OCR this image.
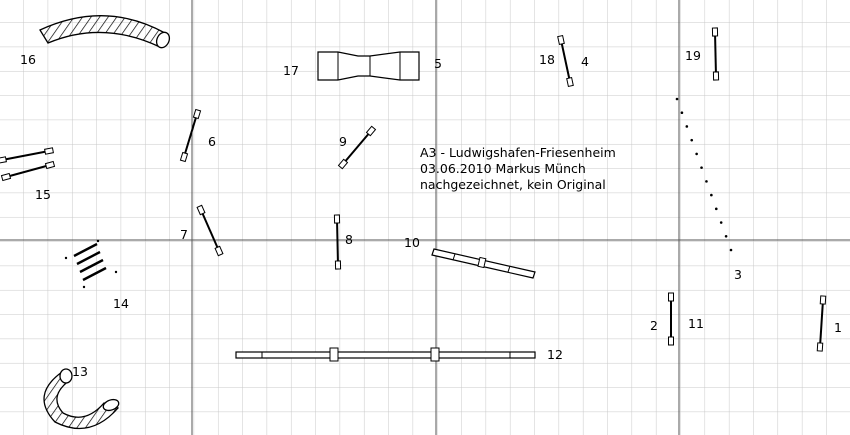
1
2
3
4
5
6
7	8
9
10
11
12
13
14
15
16
17
18	19
A3 - Ludwigshafen-Friesenheim
03.06.2010 Markus Münch
nachgezeichnet, kein Original
